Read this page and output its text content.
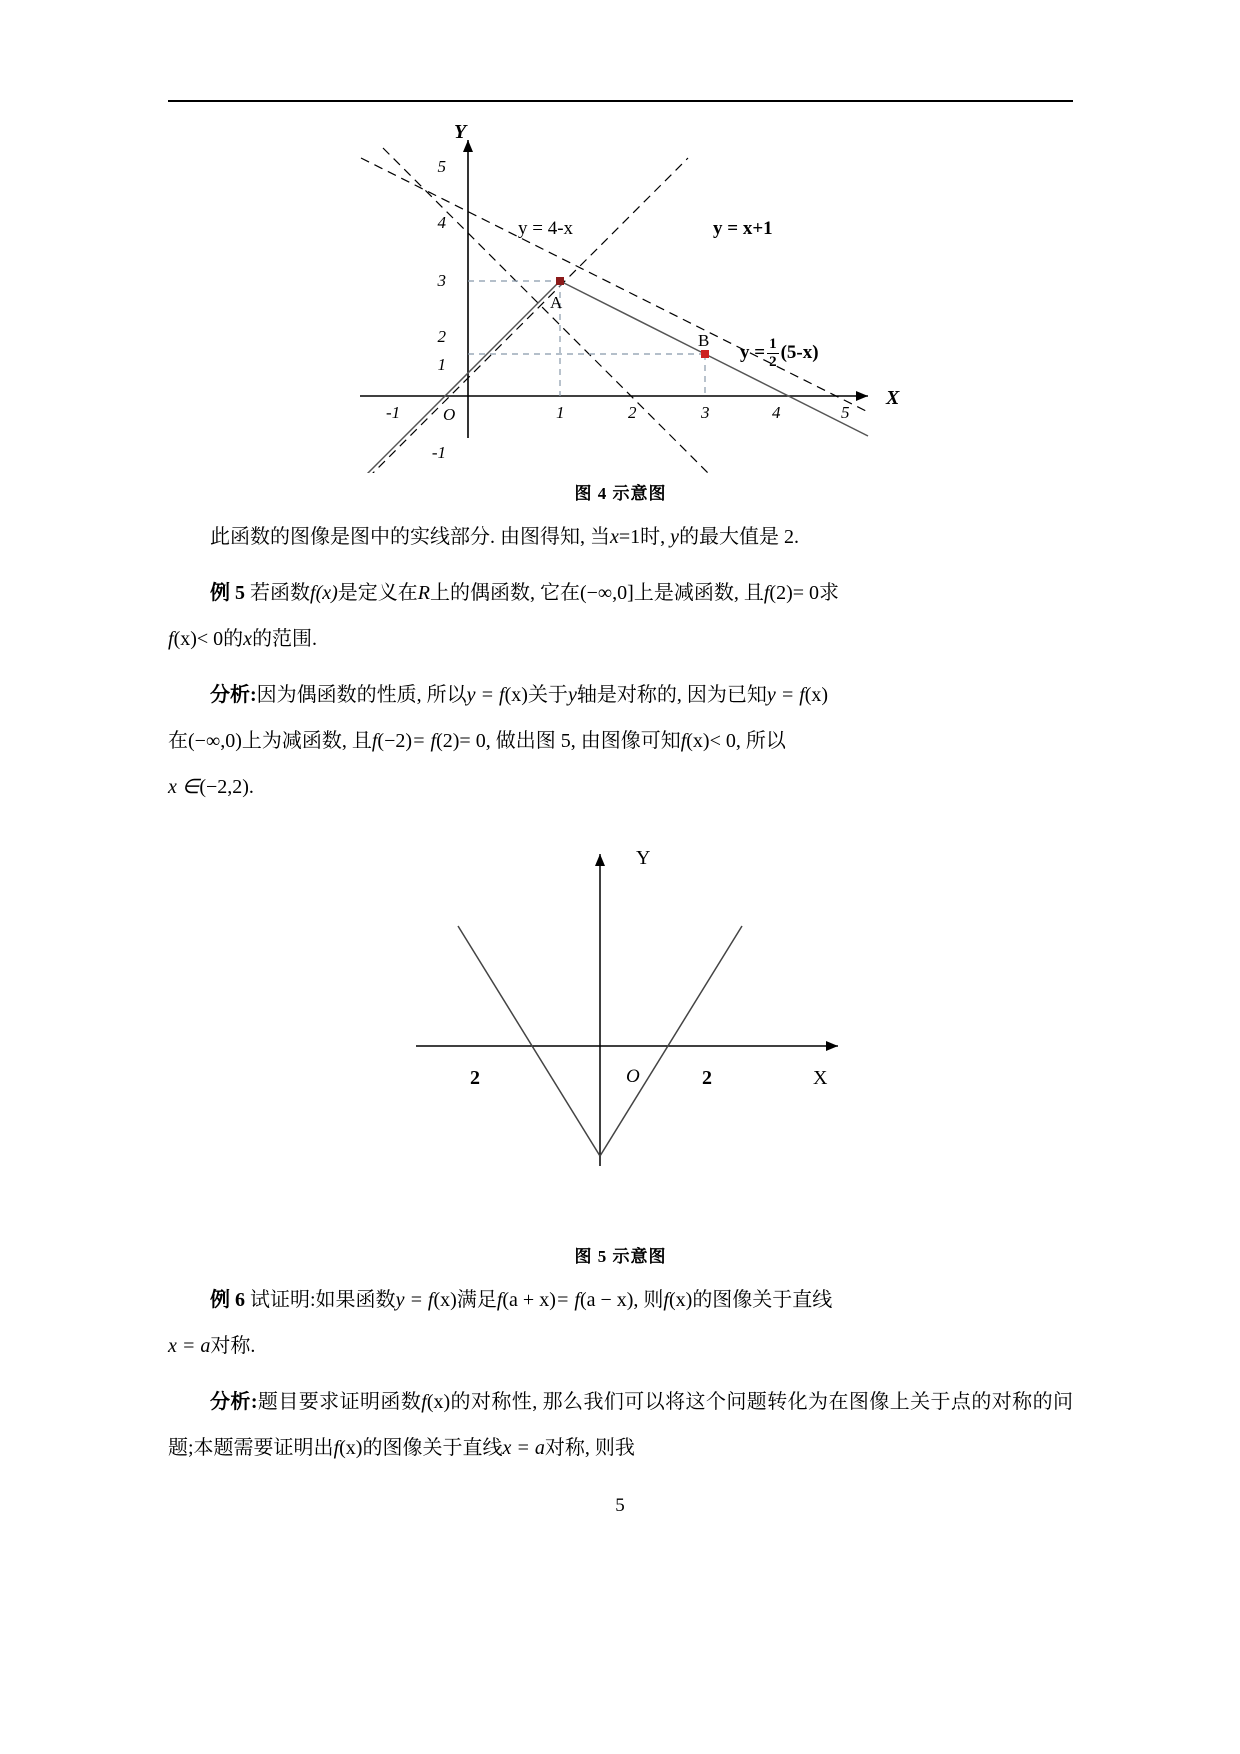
X
Y
5
4
3
2
1
-1
-1	O	1	2	3	4	5
A
B
y = 4-x	y = x+1
$y = \frac{1}{2} (5-x)$
图 4 示意图

此函数的图像是图中的实线部分. 由图得知, 当x=1时, y的最大值是 2.

例 5 若函数f(x)是定义在R上的偶函数, 它在(−∞,0]上是减函数, 且f(2)= 0求
f(x)< 0的x的范围.

分析:因为偶函数的性质, 所以y = f(x)关于y轴是对称的, 因为已知y = f(x)
在(−∞,0)上为减函数, 且f(−2)= f(2)= 0, 做出图 5, 由图像可知f(x)< 0, 所以
x ∈(−2,2).

Y
X
2	2
O
图 5 示意图

例 6 试证明:如果函数y = f(x)满足f(a + x)= f(a − x), 则f(x)的图像关于直线
x = a对称.

分析:题目要求证明函数f(x)的对称性, 那么我们可以将这个问题转化为在图像上关于点的对称的问题;本题需要证明出f(x)的图像关于直线x = a对称, 则我

5
